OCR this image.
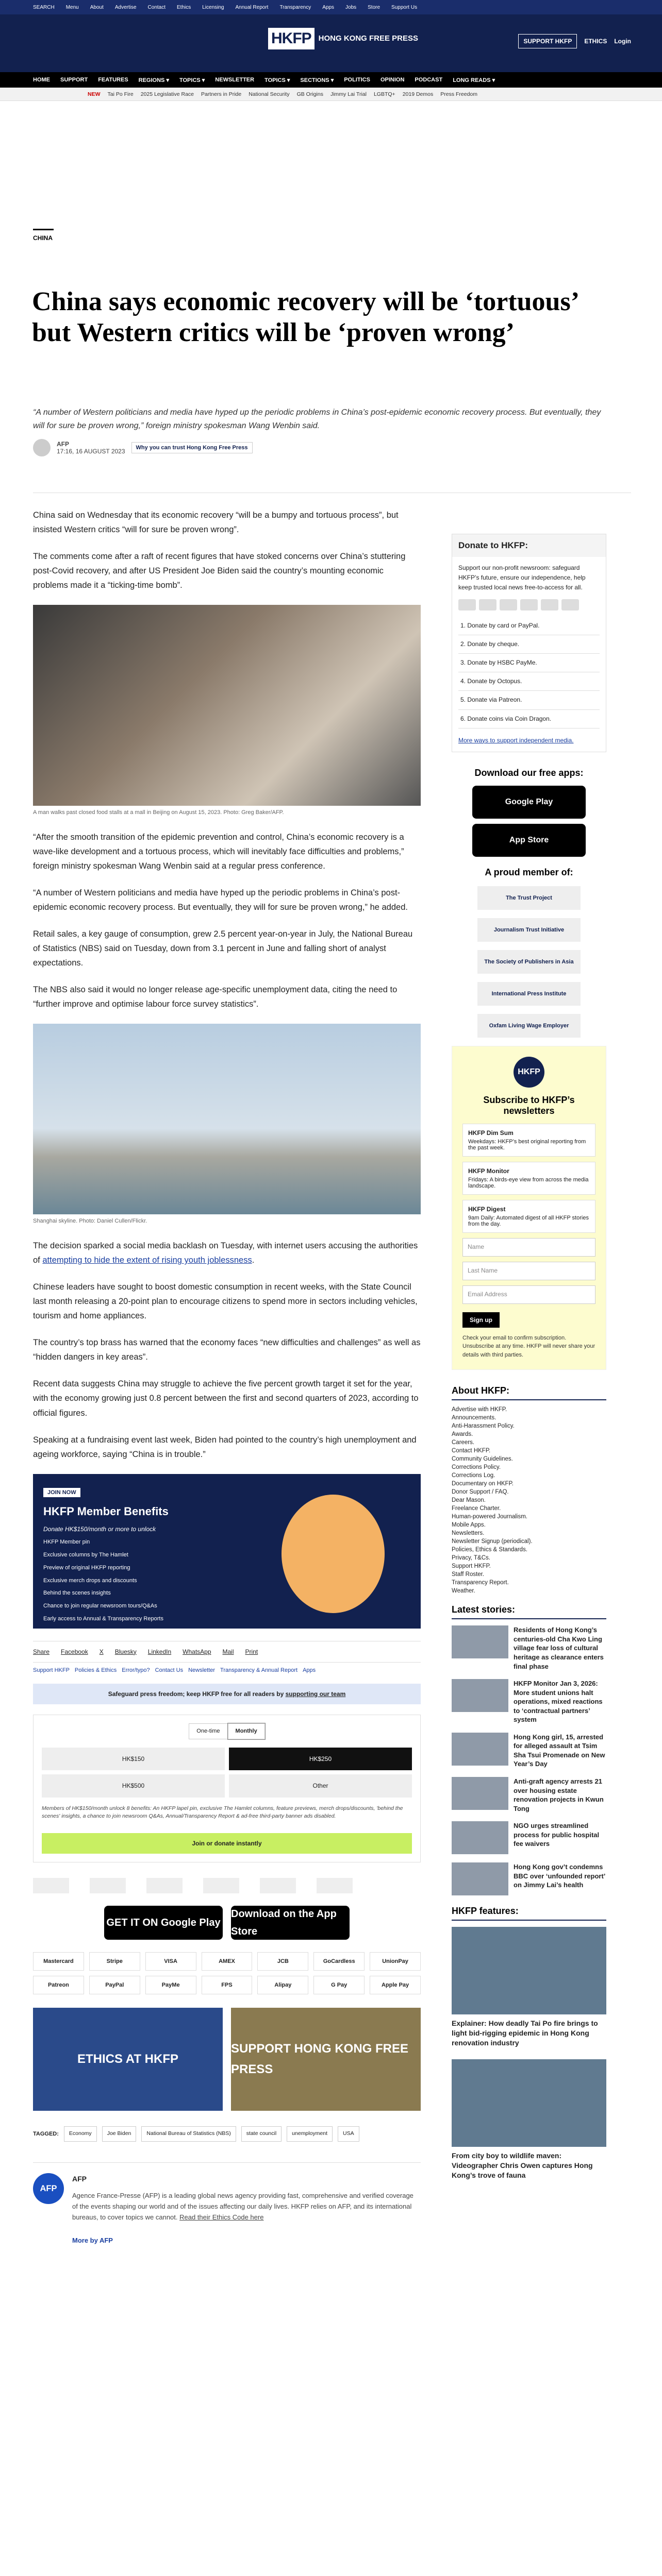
SEARCH Menu About Advertise Contact Ethics Licensing Annual Report Transparency Apps Jobs Store Support Us
HKFP HONG KONG FREE PRESS	SUPPORT HKFP	ETHICS Login
HOME SUPPORT FEATURES REGIONS ▾ TOPICS ▾ NEWSLETTER TOPICS ▾ SECTIONS ▾ POLITICS OPINION PODCAST LONG READS ▾
NEW Tai Po Fire 2025 Legislative Race Partners in Pride National Security GB Origins Jimmy Lai Trial LGBTQ+ 2019 Demos Press Freedom
CHINA
China says economic recovery will be ‘tortuous’ but Western critics will be ‘proven wrong’

“A number of Western politicians and media have hyped up the periodic problems in China’s post-epidemic economic recovery process. But eventually, they will for sure be proven wrong,” foreign ministry spokesman Wang Wenbin said.

AFP
17:16, 16 AUGUST 2023	Why you can trust Hong Kong Free Press

China said on Wednesday that its economic recovery “will be a bumpy and tortuous process”, but insisted Western critics “will for sure be proven wrong”.

The comments come after a raft of recent figures that have stoked concerns over China’s stuttering post-Covid recovery, and after US President Joe Biden said the country’s mounting economic problems made it a “ticking-time bomb”.

A man walks past closed food stalls at a mall in Beijing on August 15, 2023. Photo: Greg Baker/AFP.

“After the smooth transition of the epidemic prevention and control, China’s economic recovery is a wave-like development and a tortuous process, which will inevitably face difficulties and problems,” foreign ministry spokesman Wang Wenbin said at a regular press conference.

“A number of Western politicians and media have hyped up the periodic problems in China’s post-epidemic economic recovery process. But eventually, they will for sure be proven wrong,” he added.

Retail sales, a key gauge of consumption, grew 2.5 percent year-on-year in July, the National Bureau of Statistics (NBS) said on Tuesday, down from 3.1 percent in June and falling short of analyst expectations.

The NBS also said it would no longer release age-specific unemployment data, citing the need to “further improve and optimise labour force survey statistics”.

Shanghai skyline. Photo: Daniel Cullen/Flickr.

The decision sparked a social media backlash on Tuesday, with internet users accusing the authorities of attempting to hide the extent of rising youth joblessness.

Chinese leaders have sought to boost domestic consumption in recent weeks, with the State Council last month releasing a 20-point plan to encourage citizens to spend more in sectors including vehicles, tourism and home appliances.

The country’s top brass has warned that the economy faces “new difficulties and challenges” as well as “hidden dangers in key areas”.

Recent data suggests China may struggle to achieve the five percent growth target it set for the year, with the economy growing just 0.8 percent between the first and second quarters of 2023, according to official figures.

Speaking at a fundraising event last week, Biden had pointed to the country’s high unemployment and ageing workforce, saying “China is in trouble.”

JOIN NOW
HKFP Member Benefits
Donate HK$150/month or more to unlock
HKFP Member pin
Exclusive columns by The Hamlet
Preview of original HKFP reporting
Exclusive merch drops and discounts
Behind the scenes insights
Chance to join regular newsroom tours/Q&As
Early access to Annual & Transparency Reports
Ad-free third party banner ads disabled
Share Facebook X Bluesky LinkedIn WhatsApp Mail Print
Support HKFP Policies & Ethics Error/typo? Contact Us Newsletter Transparency & Annual Report Apps
Safeguard press freedom; keep HKFP free for all readers by supporting our team
One-time	Monthly
HK$150	HK$250
HK$500	Other

Members of HK$150/month unlock 8 benefits: An HKFP lapel pin, exclusive The Hamlet columns, feature previews, merch drops/discounts, 'behind the scenes' insights, a chance to join newsroom Q&As, Annual/Transparency Report & ad-free third-party banner ads disabled.

Join or donate instantly
GET IT ON Google Play
Download on the App Store
Mastercard	Stripe	VISA	AMEX	JCB	GoCardless	UnionPay
Patreon	PayPal	PayMe	FPS	Alipay	G Pay	Apple Pay
ETHICS AT HKFP
SUPPORT HONG KONG FREE PRESS
TAGGED:	Economy	Joe Biden	National Bureau of Statistics (NBS)	state council	unemployment	USA
AFP
AFP

Agence France-Presse (AFP) is a leading global news agency providing fast, comprehensive and verified coverage of the events shaping our world and of the issues affecting our daily lives. HKFP relies on AFP, and its international bureaus, to cover topics we cannot. Read their Ethics Code here

More by AFP

Donate to HKFP:

Support our non-profit newsroom: safeguard HKFP’s future, ensure our independence, help keep trusted local news free-to-access for all.

1. Donate by card or PayPal.
2. Donate by cheque.
3. Donate by HSBC PayMe.
4. Donate by Octopus.
5. Donate via Patreon.
6. Donate coins via Coin Dragon.

More ways to support independent media.

Download our free apps:
Google Play
App Store
A proud member of:
The Trust Project
Journalism Trust Initiative
The Society of Publishers in Asia
International Press Institute
Oxfam Living Wage Employer
HKFP
Subscribe to HKFP’s newsletters
HKFP Dim Sum
Weekdays: HKFP’s best original reporting from the past week.
HKFP Monitor
Fridays: A birds-eye view from across the media landscape.
HKFP Digest
9am Daily: Automated digest of all HKFP stories from the day.
Name
Last Name
Email Address
Sign up

Check your email to confirm subscription. Unsubscribe at any time. HKFP will never share your details with third parties.

About HKFP:
Advertise with HKFP.
Announcements.
Anti-Harassment Policy.
Awards.
Careers.
Contact HKFP.
Community Guidelines.
Corrections Policy.
Corrections Log.
Documentary on HKFP.
Donor Support / FAQ.
Dear Mason.
Freelance Charter.
Human-powered Journalism.
Mobile Apps.
Newsletters.
Newsletter Signup (periodical).
Policies, Ethics & Standards.
Privacy, T&Cs.
Support HKFP.
Staff Roster.
Transparency Report.
Weather.
Latest stories:
Residents of Hong Kong’s centuries-old Cha Kwo Ling village fear loss of cultural heritage as clearance enters final phase
HKFP Monitor Jan 3, 2026: More student unions halt operations, mixed reactions to ‘contractual partners’ system
Hong Kong girl, 15, arrested for alleged assault at Tsim Sha Tsui Promenade on New Year’s Day
Anti-graft agency arrests 21 over housing estate renovation projects in Kwun Tong
NGO urges streamlined process for public hospital fee waivers
Hong Kong gov’t condemns BBC over ‘unfounded report’ on Jimmy Lai’s health
HKFP features:
Explainer: How deadly Tai Po fire brings to light bid-rigging epidemic in Hong Kong renovation industry
From city boy to wildlife maven: Videographer Chris Owen captures Hong Kong’s trove of fauna
